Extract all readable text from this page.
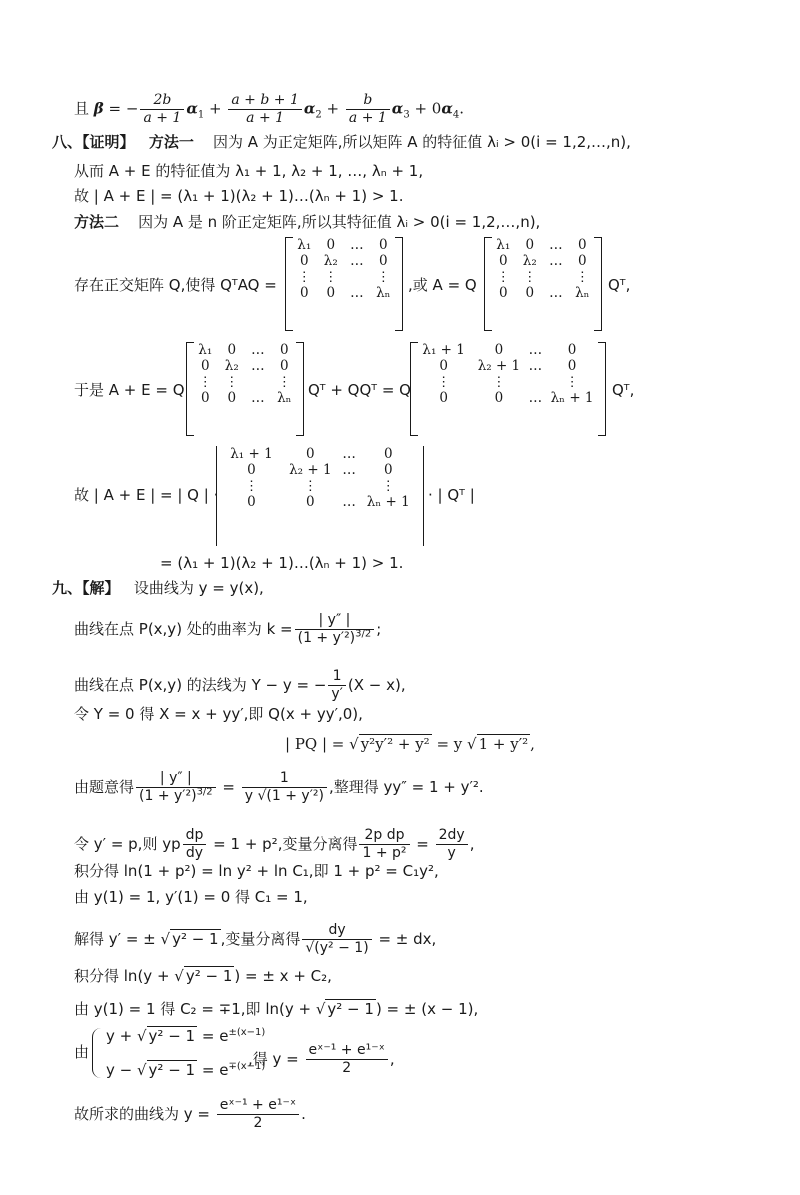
且 β = − $\frac{2b}{a + 1} \alpha_1 + \frac{a + b + 1}{a + 1} \alpha_2 + \frac{b}{a + 1} \alpha_3 + 0\alpha_4$.
八、【证明】 方法一 因为 A 为正定矩阵,所以矩阵 A 的特征值 λᵢ > 0(i = 1,2,…,n),
从而 A + E 的特征值为 λ₁ + 1, λ₂ + 1, …, λₙ + 1,
故 | A + E | = (λ₁ + 1)(λ₂ + 1)…(λₙ + 1) > 1.
方法二 因为 A 是 n 阶正定矩阵,所以其特征值 λᵢ > 0(i = 1,2,…,n),
存在正交矩阵 Q,使得 QᵀAQ =
λ₁	0	…	0
0	λ₂	…	0
⋮	⋮		⋮
0	0	…	λₙ ,或 A = Q
λ₁	0	…	0
0	λ₂	…	0
⋮	⋮		⋮
0	0	…	λₙ Qᵀ,
于是 A + E = Q
λ₁	0	…	0
0	λ₂	…	0
⋮	⋮		⋮
0	0	…	λₙ Qᵀ + QQᵀ = Q
λ₁ + 1	0	…	0
0	λ₂ + 1	…	0
⋮	⋮		⋮
0	0	…	λₙ + 1 Qᵀ,
故 | A + E | = | Q | ·
λ₁ + 1	0	…	0
0	λ₂ + 1	…	0
⋮	⋮		⋮
0	0	…	λₙ + 1 · | Qᵀ |
= (λ₁ + 1)(λ₂ + 1)…(λₙ + 1) > 1.
九、【解】 设曲线为 y = y(x),
曲线在点 P(x,y) 处的曲率为 $k = \frac{| y'' |}{(1 + y'^2)^{3/2}}$ ;
曲线在点 P(x,y) 的法线为 Y − y = − $\frac{1}{y'} (X - x)$,
令 Y = 0 得 X = x + yy′,即 Q(x + yy′,0),
| PQ | = √ y²y′² + y² = y √ 1 + y′² ,
由题意得 $\frac{| y'' |}{(1 + y'^2)^{3/2}} = \frac{1}{\text{y √(1 + y′²)}}$ ,整理得 yy″ = 1 + y′².
令 y′ = p,则 yp $\frac{dp}{dy} = 1 + p^2$,变量分离得 $\frac{\text{2p dp}}{\text{1 + p²}} = \frac{2dy}{y}$ ,
积分得 ln(1 + p²) = ln y² + ln C₁,即 1 + p² = C₁y²,
由 y(1) = 1, y′(1) = 0 得 C₁ = 1,
解得 y′ = ± √ y² − 1 ,变量分离得 $\frac{dy}{\text{√(y² − 1)}}$ = ± dx,
积分得 ln(y + √ y² − 1 ) = ± x + C₂,
由 y(1) = 1 得 C₂ = ∓1,即 ln(y + √ y² − 1 ) = ± (x − 1),
由
y + √ $y^2 - 1 = e^{\pm(x-1)}$
y − √ $y^2 - 1 = e^{\mp(x-1)}$
,得 $y = \frac{\text{eˣ⁻¹ + e¹⁻ˣ}}{2}$ ,
故所求的曲线为 $y = \frac{\text{eˣ⁻¹ + e¹⁻ˣ}}{2}$ .
